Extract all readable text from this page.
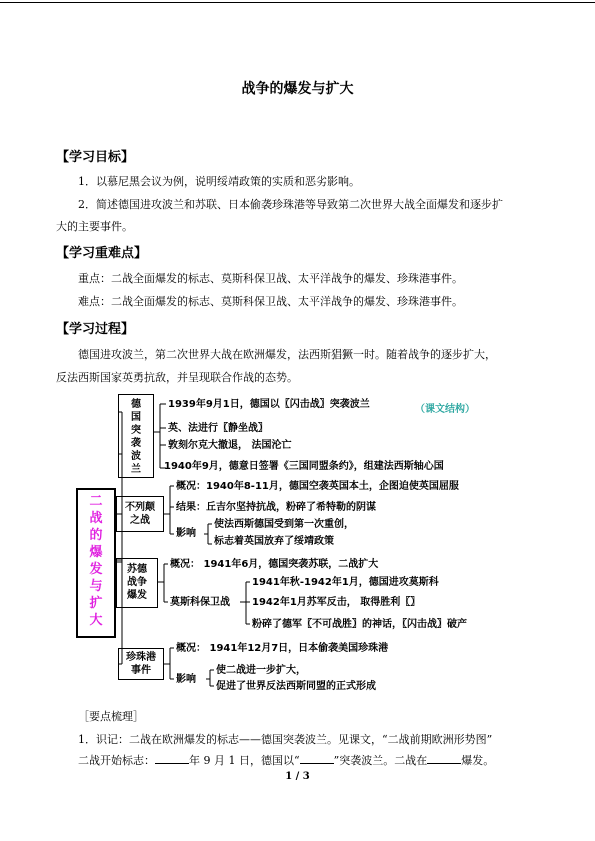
战争的爆发与扩大
【学习目标】
1．以慕尼黑会议为例，说明绥靖政策的实质和恶劣影响。
2．简述德国进攻波兰和苏联、日本偷袭珍珠港等导致第二次世界大战全面爆发和逐步扩
大的主要事件。
【学习重难点】
重点：二战全面爆发的标志、莫斯科保卫战、太平洋战争的爆发、珍珠港事件。
难点：二战全面爆发的标志、莫斯科保卫战、太平洋战争的爆发、珍珠港事件。
【学习过程】
德国进攻波兰，第二次世界大战在欧洲爆发，法西斯猖獗一时。随着战争的逐步扩大，
反法西斯国家英勇抗敌，并呈现联合作战的态势。
二
战
的
爆
发
与
扩
大
（课文结构）
德
国
突
袭
波
兰
1939年9月1日，德国以〖闪击战〗突袭波兰
英、法进行〖静坐战〗
敦刻尔克大撤退， 法国沦亡
1940年9月，德意日签署《三国同盟条约》，组建法西斯轴心国
不列颠
之战
概况：1940年8-11月，德国空袭英国本土，企图迫使英国屈服
结果：丘吉尔坚持抗战，粉碎了希特勒的阴谋
影响
使法西斯德国受到第一次重创，
标志着英国放弃了绥靖政策
苏德
战争
爆发
概况： 1941年6月，德国突袭苏联，二战扩大
莫斯科保卫战
1941年秋-1942年1月，德国进攻莫斯科
1942年1月苏军反击， 取得胜利〖〗
粉碎了德军〖不可战胜〗的神话，〖闪击战〗破产
珍珠港
事件
概况： 1941年12月7日，日本偷袭美国珍珠港
影响
使二战进一步扩大，
促进了世界反法西斯同盟的正式形成
［要点梳理］
1．识记：二战在欧洲爆发的标志——德国突袭波兰。见课文，“二战前期欧洲形势图”
二战开始标志：	年 9 月 1 日，德国以“	”突袭波兰。二战在	爆发。
1 / 3
